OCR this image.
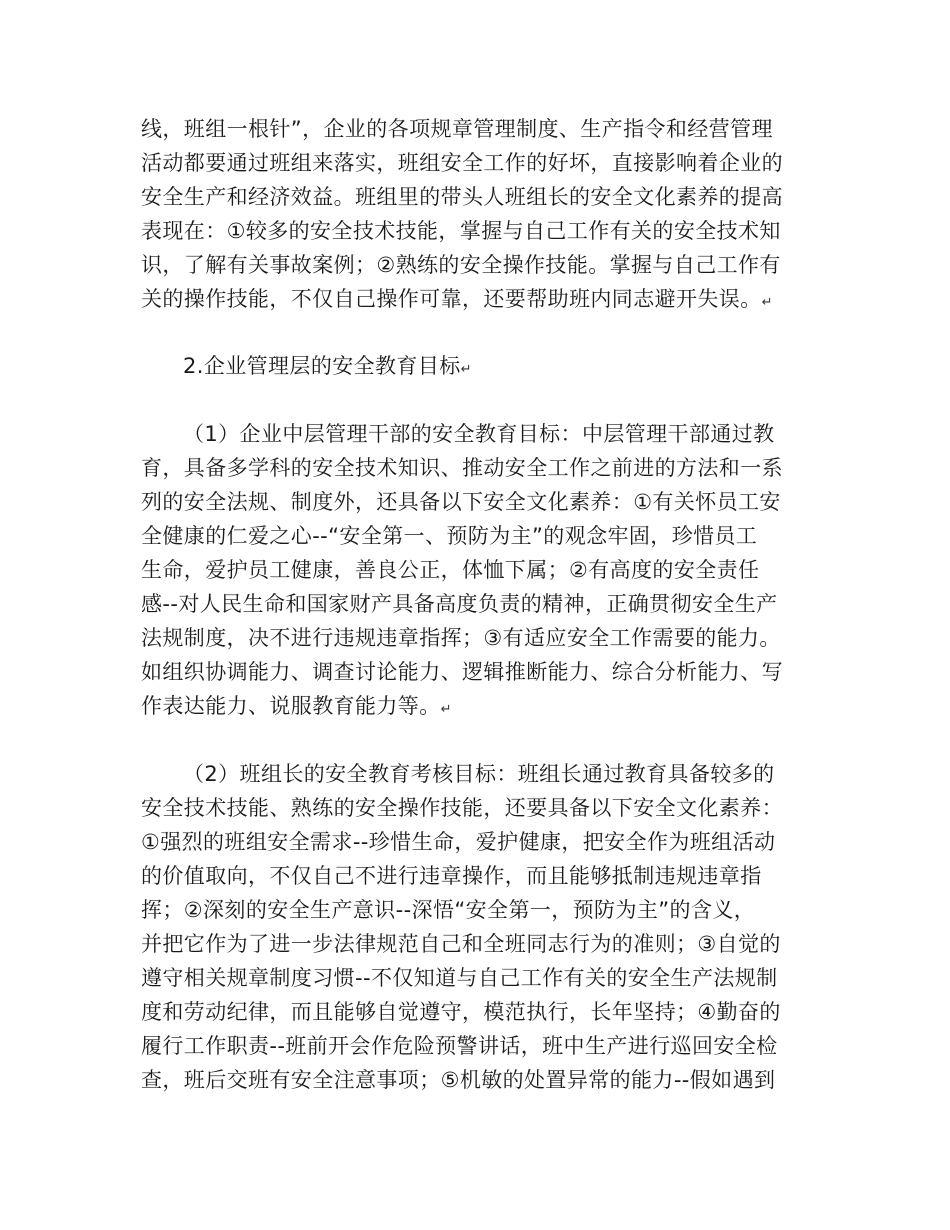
线，班组一根针”，企业的各项规章管理制度、生产指令和经营管理
活动都要通过班组来落实，班组安全工作的好坏，直接影响着企业的
安全生产和经济效益。班组里的带头人班组长的安全文化素养的提高
表现在：①较多的安全技术技能，掌握与自己工作有关的安全技术知
识，了解有关事故案例；②熟练的安全操作技能。掌握与自己工作有
关的操作技能，不仅自己操作可靠，还要帮助班内同志避开失误。↵
2.企业管理层的安全教育目标↵
（1）企业中层管理干部的安全教育目标：中层管理干部通过教
育，具备多学科的安全技术知识、推动安全工作之前进的方法和一系
列的安全法规、制度外，还具备以下安全文化素养：①有关怀员工安
全健康的仁爱之心--“安全第一、预防为主”的观念牢固，珍惜员工
生命，爱护员工健康，善良公正，体恤下属；②有高度的安全责任
感--对人民生命和国家财产具备高度负责的精神，正确贯彻安全生产
法规制度，决不进行违规违章指挥；③有适应安全工作需要的能力。
如组织协调能力、调查讨论能力、逻辑推断能力、综合分析能力、写
作表达能力、说服教育能力等。↵
（2）班组长的安全教育考核目标：班组长通过教育具备较多的
安全技术技能、熟练的安全操作技能，还要具备以下安全文化素养：
①强烈的班组安全需求--珍惜生命，爱护健康，把安全作为班组活动
的价值取向，不仅自己不进行违章操作，而且能够抵制违规违章指
挥；②深刻的安全生产意识--深悟“安全第一，预防为主”的含义，
并把它作为了进一步法律规范自己和全班同志行为的准则；③自觉的
遵守相关规章制度习惯--不仅知道与自己工作有关的安全生产法规制
度和劳动纪律，而且能够自觉遵守，模范执行，长年坚持；④勤奋的
履行工作职责--班前开会作危险预警讲话，班中生产进行巡回安全检
查，班后交班有安全注意事项；⑤机敏的处置异常的能力--假如遇到
